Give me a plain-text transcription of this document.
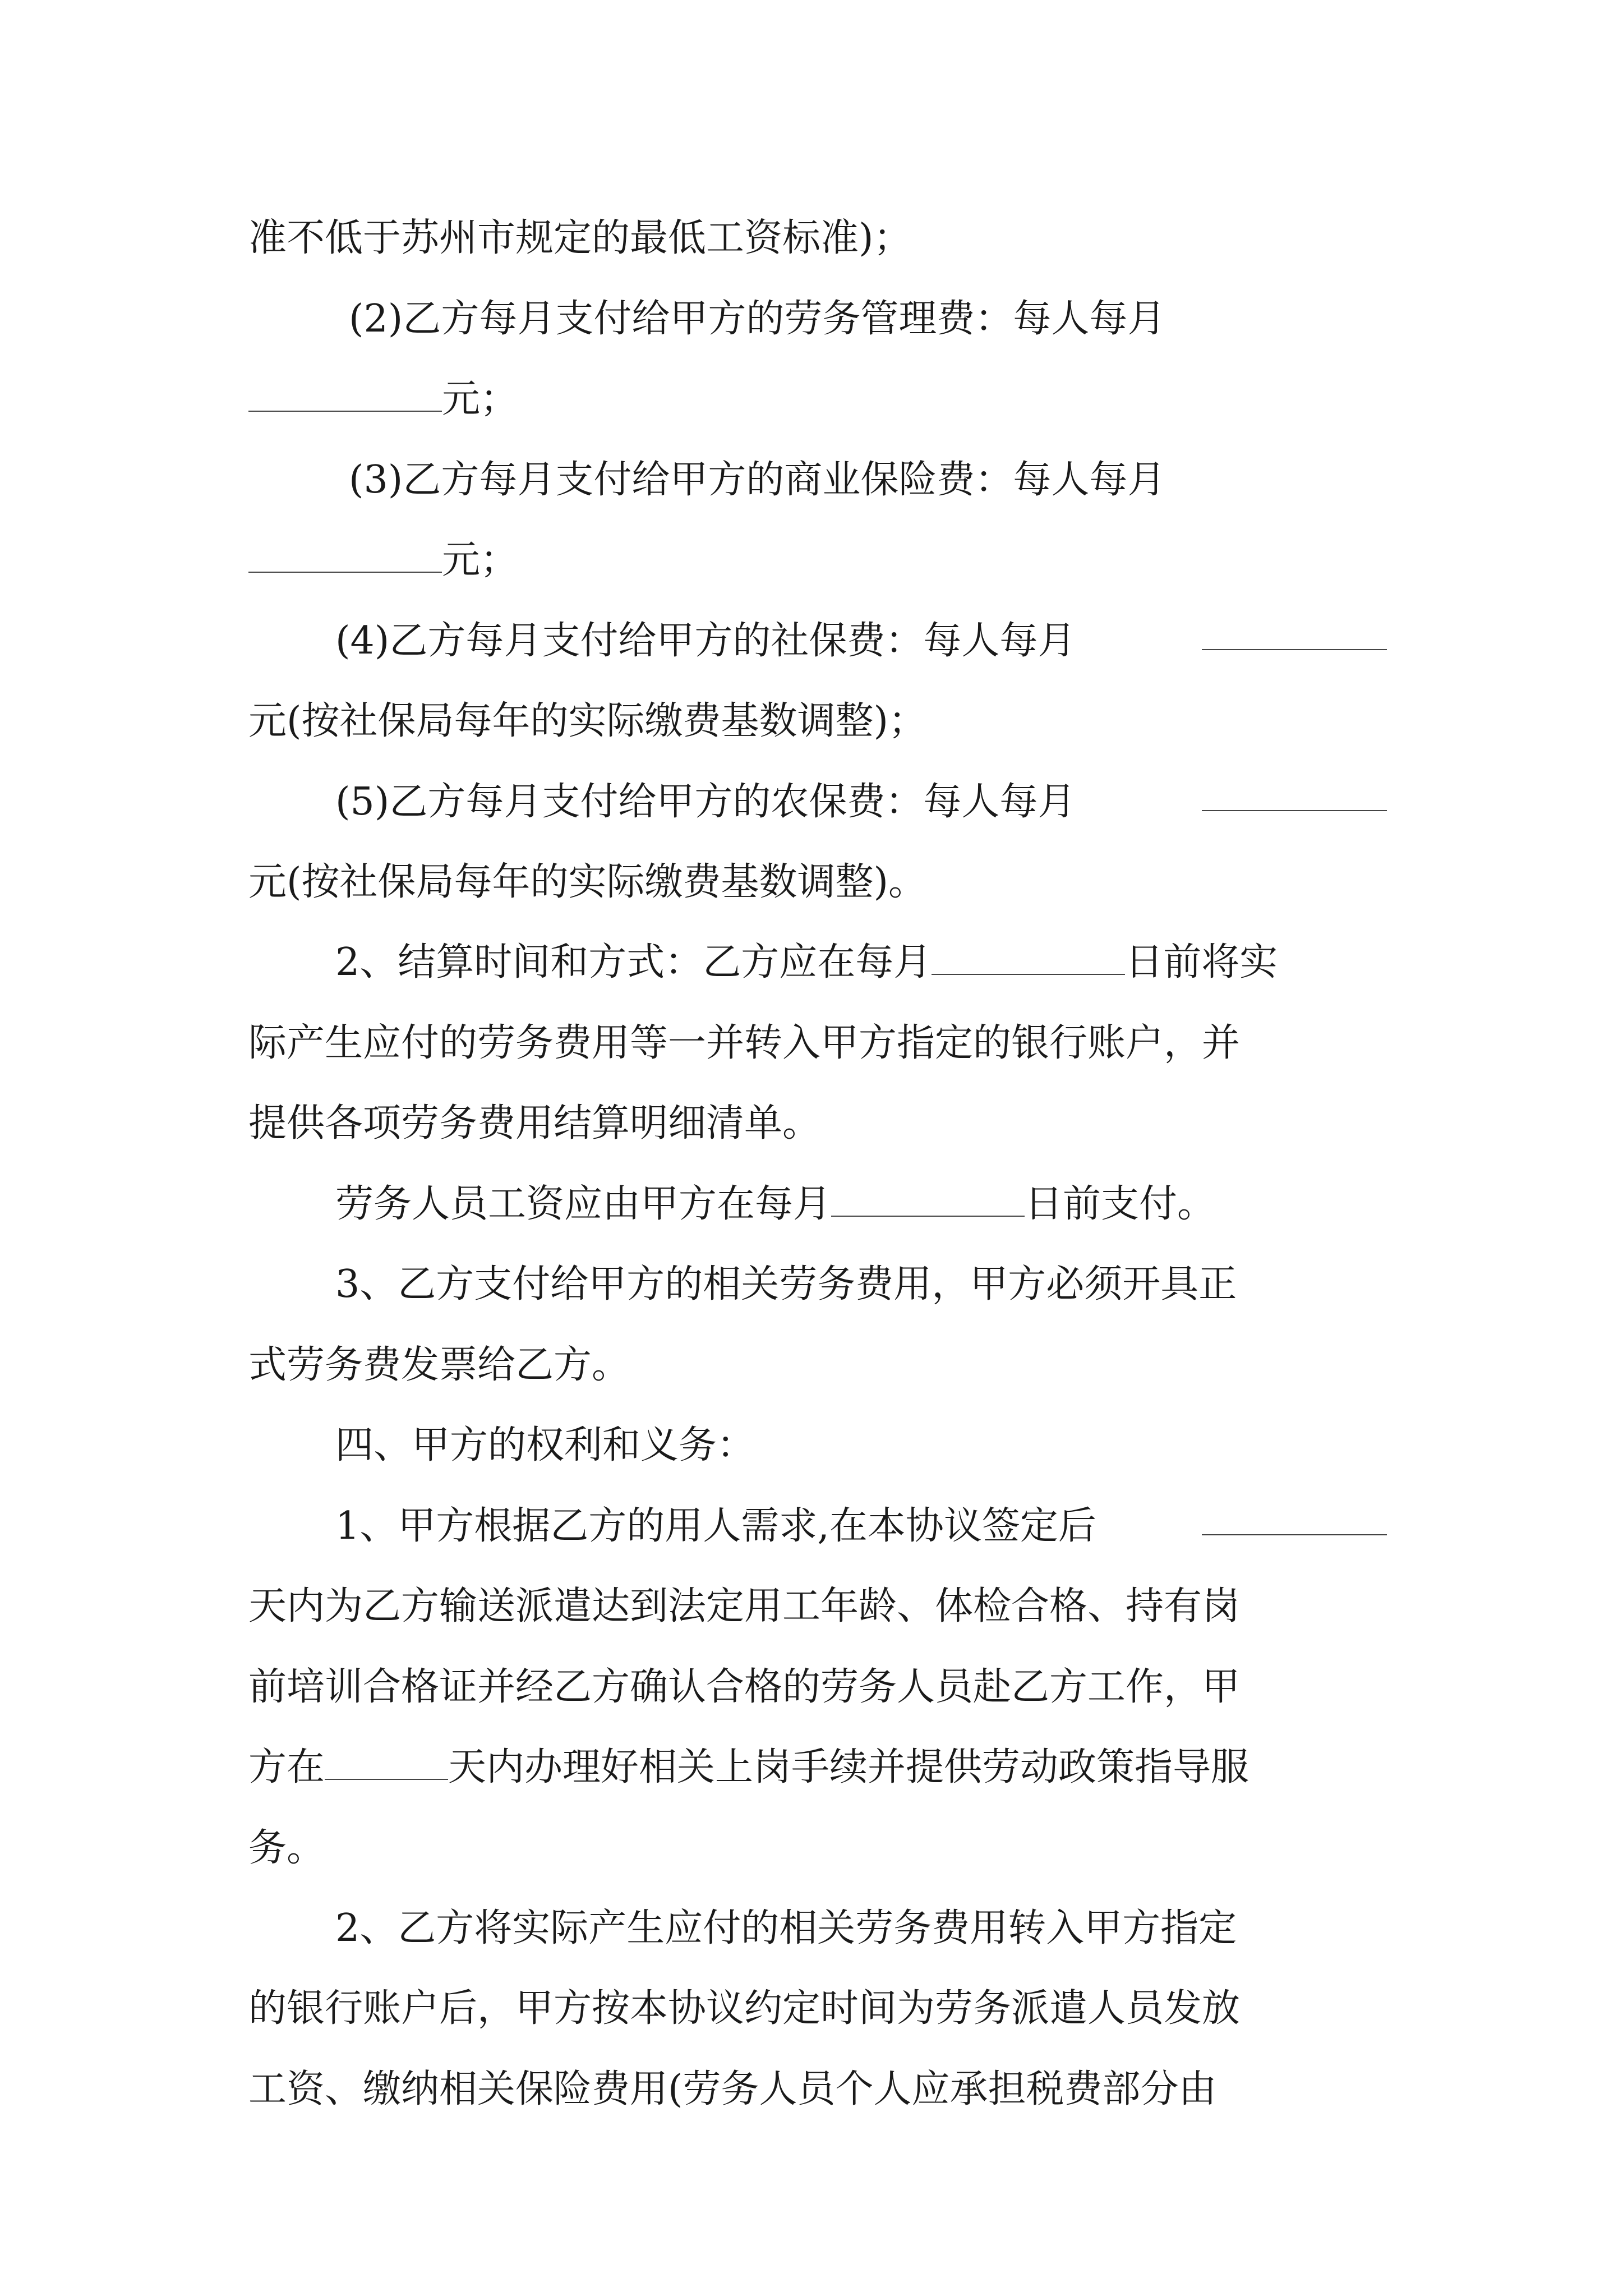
准不低于苏州市规定的最低工资标准)；
(2)乙方每月支付给甲方的劳务管理费：每人每月
元；
(3)乙方每月支付给甲方的商业保险费：每人每月
元；
(4)乙方每月支付给甲方的社保费：每人每月
元(按社保局每年的实际缴费基数调整)；
(5)乙方每月支付给甲方的农保费：每人每月
元(按社保局每年的实际缴费基数调整)。
2、结算时间和方式：乙方应在每月	日前将实
际产生应付的劳务费用等一并转入甲方指定的银行账户，并
提供各项劳务费用结算明细清单。
劳务人员工资应由甲方在每月	日前支付。
3、乙方支付给甲方的相关劳务费用，甲方必须开具正
式劳务费发票给乙方。
四、甲方的权利和义务：
1、甲方根据乙方的用人需求,在本协议签定后
天内为乙方输送派遣达到法定用工年龄、体检合格、持有岗
前培训合格证并经乙方确认合格的劳务人员赴乙方工作，甲
方在	天内办理好相关上岗手续并提供劳动政策指导服
务。
2、乙方将实际产生应付的相关劳务费用转入甲方指定
的银行账户后，甲方按本协议约定时间为劳务派遣人员发放
工资、缴纳相关保险费用(劳务人员个人应承担税费部分由
